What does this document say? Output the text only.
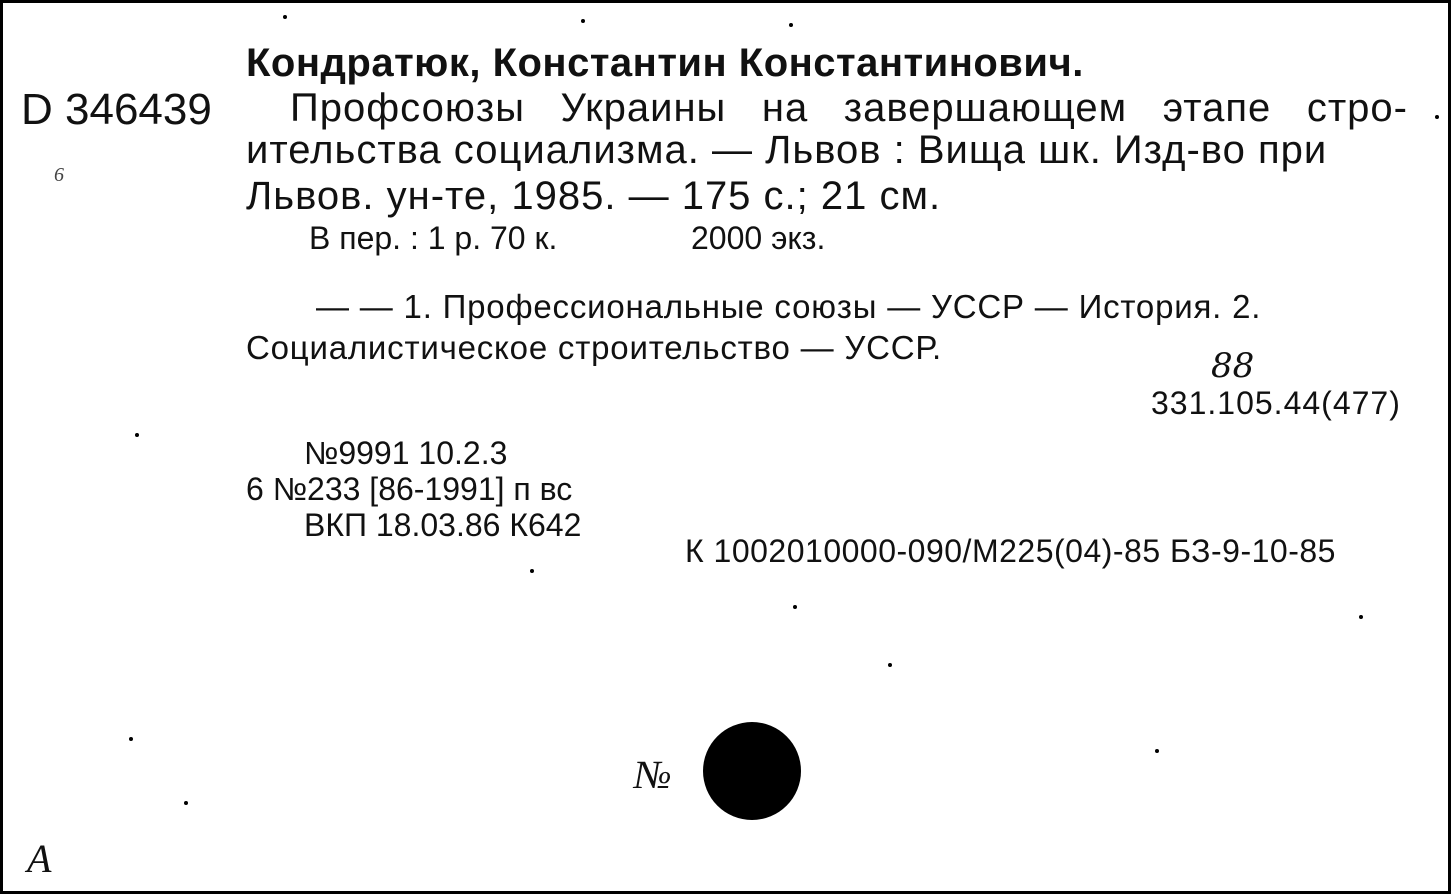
Кондратюк, Константин Константинович.
D 346439 Профсоюзы Украины на завершающем этапе стро-
ительства социализма. — Львов : Вища шк. Изд-во при
Львов. ун-те, 1985. — 175 с.; 21 см.
В пер. : 1 р. 70 к.	2000 экз.
— — 1. Профессиональные союзы — УССР — История. 2.
Социалистическое строительство — УССР.	88
331.105.44(477)
№9991 10.2.3
6 №233 [86-1991] п вс
ВКП 18.03.86 К642
К 1002010000-090/М225(04)-85 БЗ-9-10-85
6
№
А
